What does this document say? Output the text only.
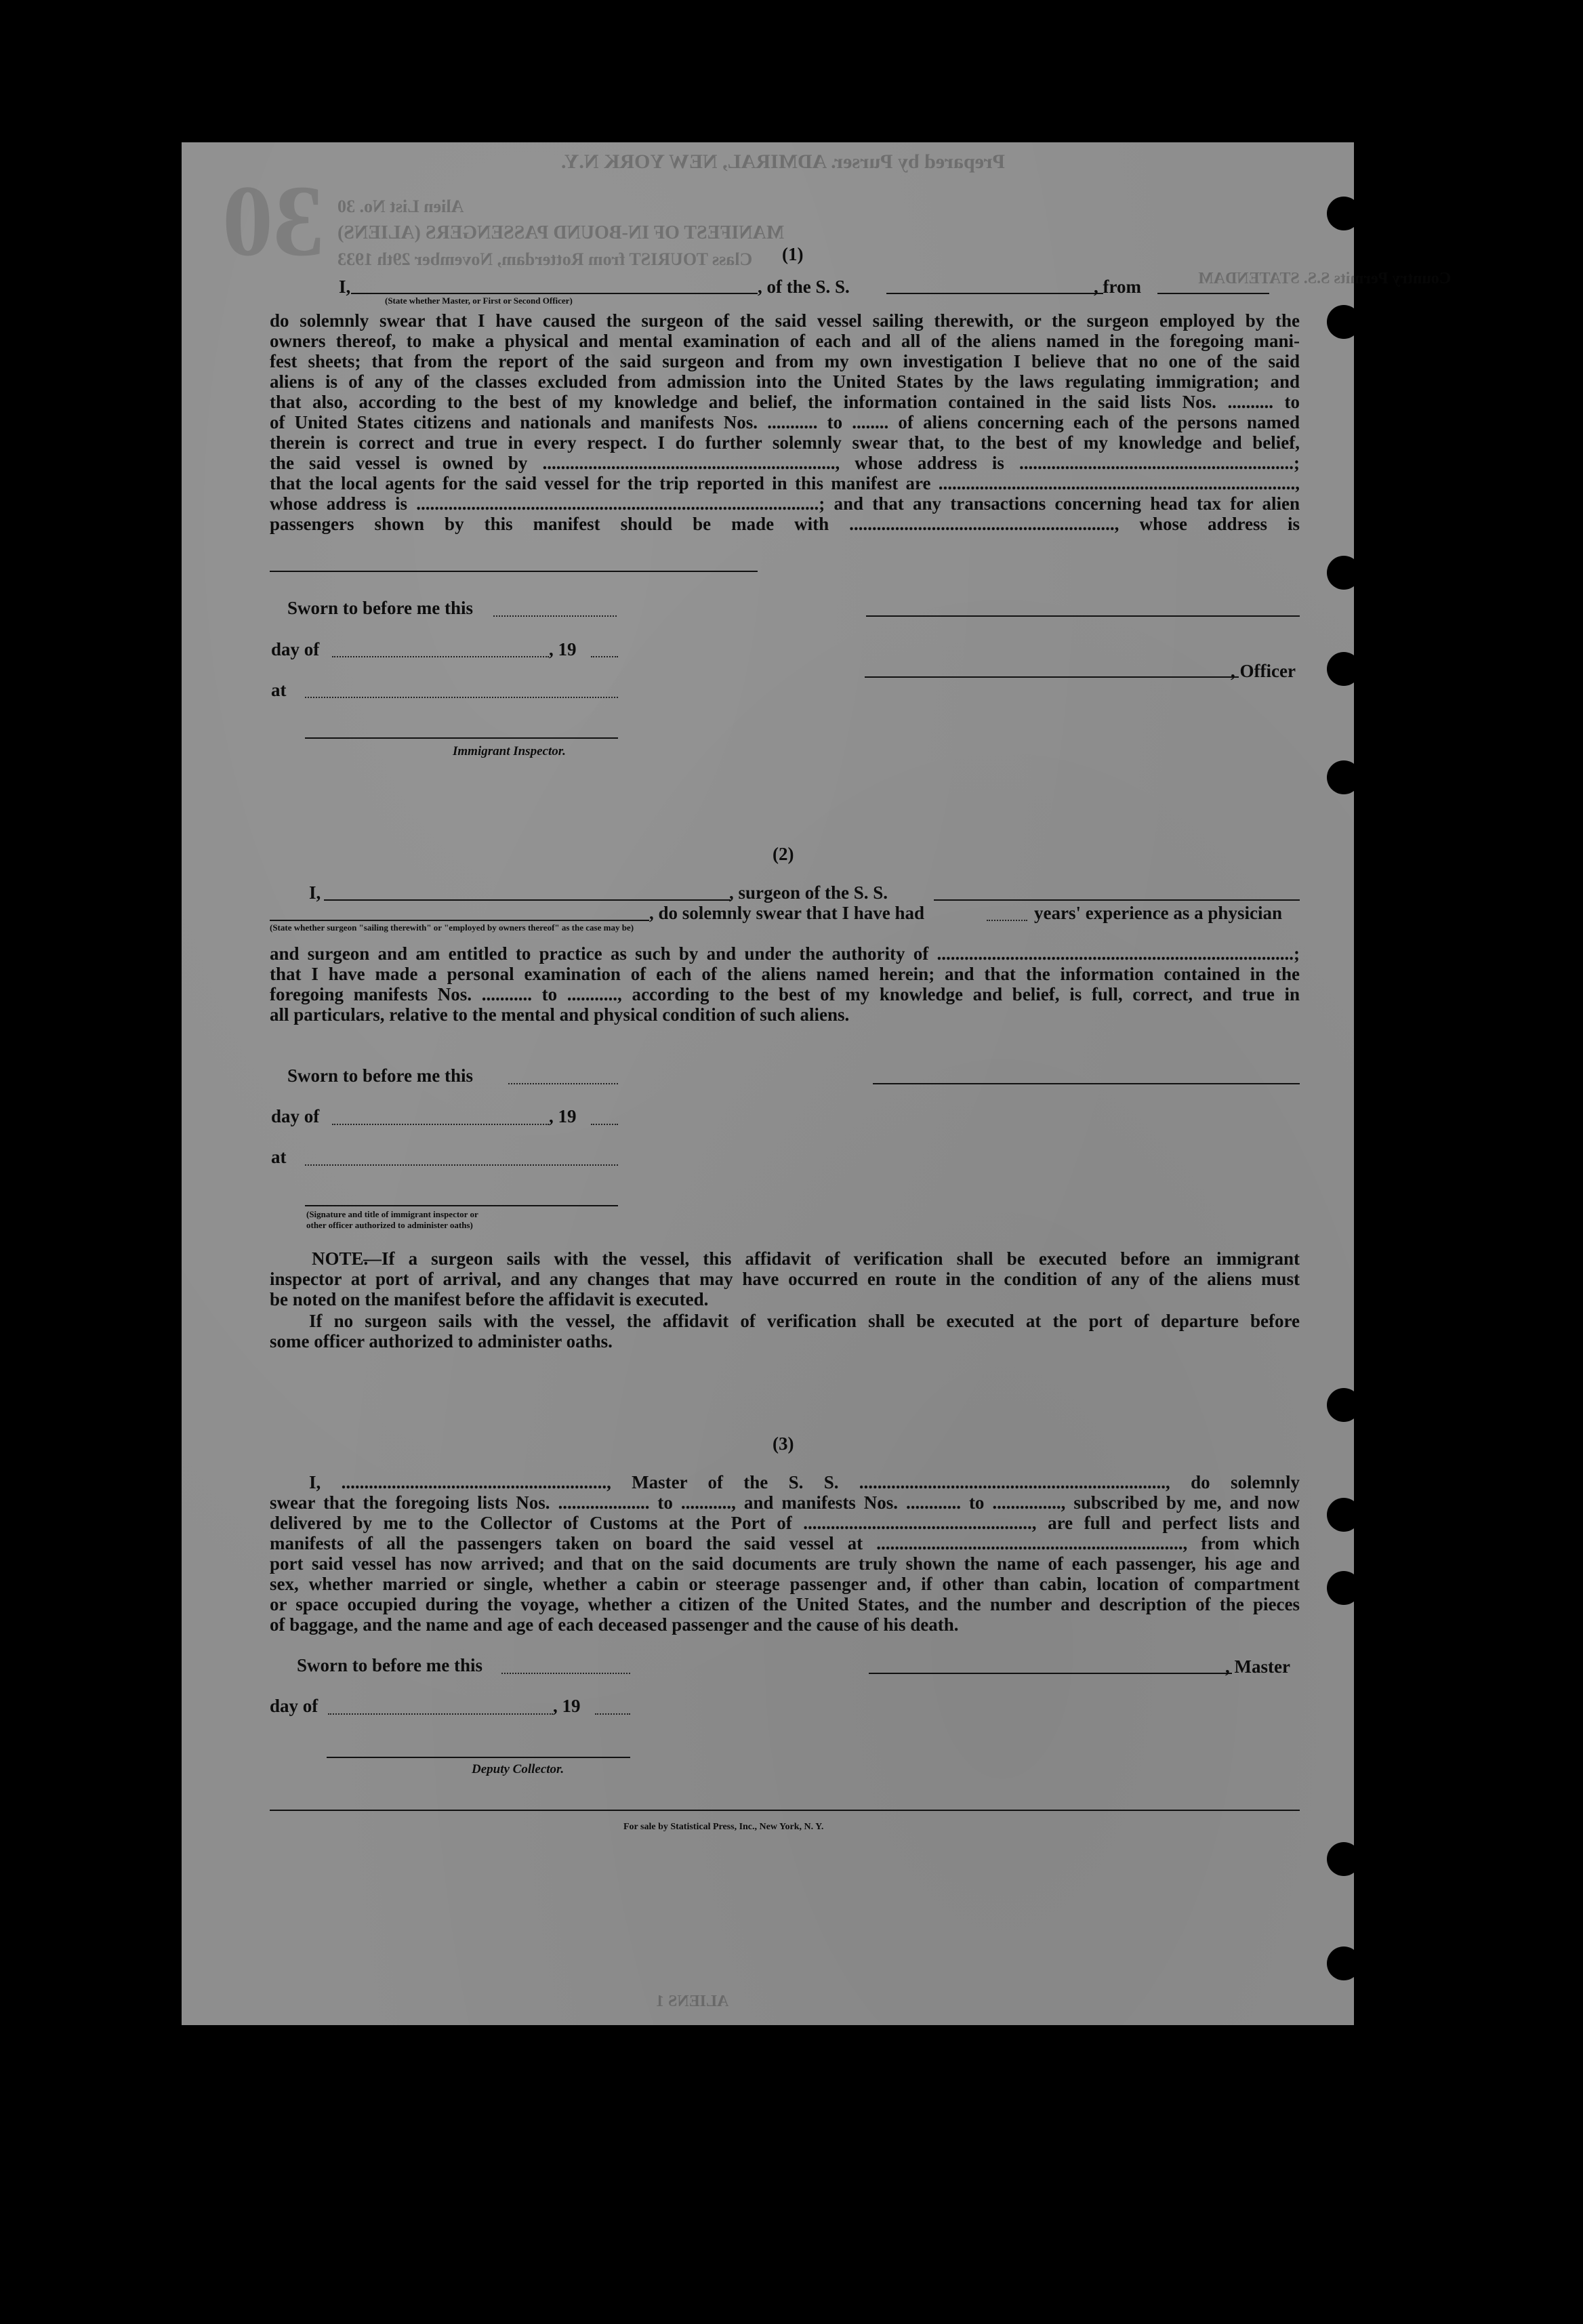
30
Prepared by Purser. ADMIRAL, NEW YORK N.Y.
Alien List No. 30
MANIFEST OF IN-BOUND PASSENGERS (ALIENS)
Class TOURIST from Rotterdam, November 29th 1933
Country Permits S.S. STATENDAM
ALIENS 1
(1)
I,	, of the S. S.	, from
(State whether Master, or First or Second Officer)
do solemnly swear that I have caused the surgeon of the said vessel sailing therewith, or the surgeon employed by the
owners thereof, to make a physical and mental examination of each and all of the aliens named in the foregoing mani-
fest sheets; that from the report of the said surgeon and from my own investigation I believe that no one of the said
aliens is of any of the classes excluded from admission into the United States by the laws regulating immigration; and
that also, according to the best of my knowledge and belief, the information contained in the said lists Nos. .......... to
of United States citizens and nationals and manifests Nos. ........... to ........ of aliens concerning each of the persons named
therein is correct and true in every respect. I do further solemnly swear that, to the best of my knowledge and belief,
the said vessel is owned by ................................................................, whose address is ............................................................;
that the local agents for the said vessel for the trip reported in this manifest are ..............................................................................,
whose address is ........................................................................................; and that any transactions concerning head tax for alien
passengers shown by this manifest should be made with .........................................................., whose address is
Sworn to before me this
day of	, 19
, Officer
at
Immigrant Inspector.
(2)
I,	, surgeon of the S. S.
, do solemnly swear that I have had	years' experience as a physician
(State whether surgeon "sailing therewith" or "employed by owners thereof" as the case may be)
and surgeon and am entitled to practice as such by and under the authority of ..............................................................................;
that I have made a personal examination of each of the aliens named herein; and that the information contained in the
foregoing manifests Nos. ........... to ..........., according to the best of my knowledge and belief, is full, correct, and true in
all particulars, relative to the mental and physical condition of such aliens.
Sworn to before me this
day of	, 19
at
(Signature and title of immigrant inspector or
other officer authorized to administer oaths)
NOTE.
—If a surgeon sails with the vessel, this affidavit of verification shall be executed before an immigrant
inspector at port of arrival, and any changes that may have occurred en route in the condition of any of the aliens must
be noted on the manifest before the affidavit is executed.
If no surgeon sails with the vessel, the affidavit of verification shall be executed at the port of departure before
some officer authorized to administer oaths.
(3)
I, .........................................................., Master of the S. S. ..................................................................., do solemnly
swear that the foregoing lists Nos. .................... to ..........., and manifests Nos. ............ to ..............., subscribed by me, and now
delivered by me to the Collector of Customs at the Port of .................................................., are full and perfect lists and
manifests of all the passengers taken on board the said vessel at ..................................................................., from which
port said vessel has now arrived; and that on the said documents are truly shown the name of each passenger, his age and
sex, whether married or single, whether a cabin or steerage passenger and, if other than cabin, location of compartment
or space occupied during the voyage, whether a citizen of the United States, and the number and description of the pieces
of baggage, and the name and age of each deceased passenger and the cause of his death.
Sworn to before me this	, Master
day of	, 19
Deputy Collector.
For sale by Statistical Press, Inc., New York, N. Y.
